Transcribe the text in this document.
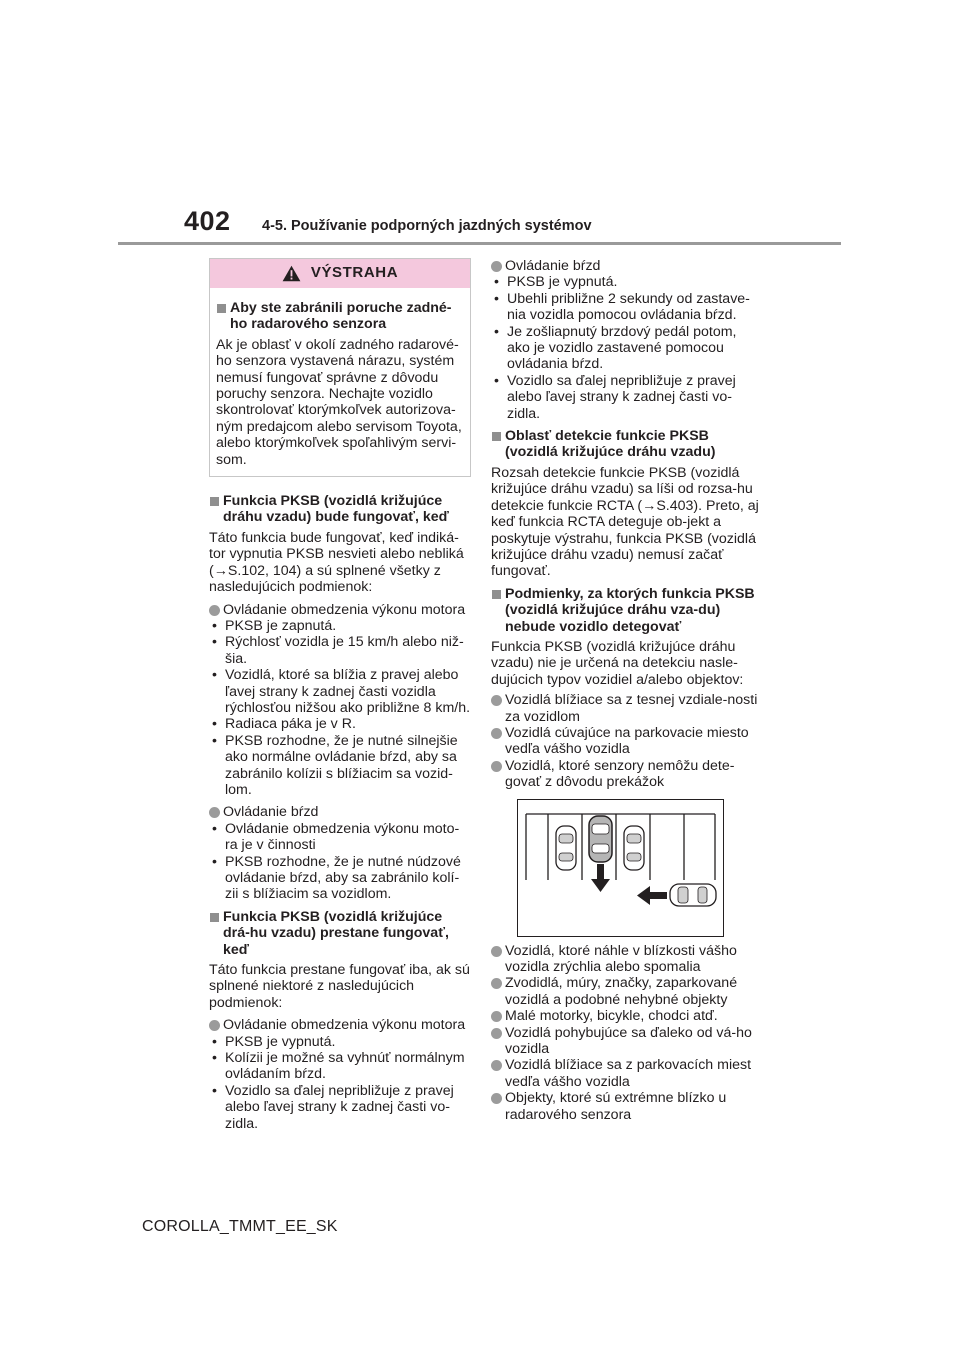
402 4-5. Používanie podporných jazdných systémov
VÝSTRAHA

Aby ste zabránili poruche zadné-ho radarového senzora

Ak je oblasť v okolí zadného radarové-ho senzora vystavená nárazu, systém nemusí fungovať správne z dôvodu poruchy senzora. Nechajte vozidlo skontrolovať ktorýmkoľvek autorizova-ným predajcom alebo servisom Toyota, alebo ktorýmkoľvek spoľahlivým servi-som.

Funkcia PKSB (vozidlá križujúce dráhu vzadu) bude fungovať, keď

Táto funkcia bude fungovať, keď indiká-tor vypnutia PKSB nesvieti alebo nebliká (→S.102, 104) a sú splnené všetky z nasledujúcich podmienok:

Ovládanie obmedzenia výkonu motora

• PKSB je zapnutá.

• Rýchlosť vozidla je 15 km/h alebo niž-šia.

• Vozidlá, ktoré sa blížia z pravej alebo ľavej strany k zadnej časti vozidla rýchlosťou nižšou ako približne 8 km/h.

• Radiaca páka je v R.

• PKSB rozhodne, že je nutné silnejšie ako normálne ovládanie bŕzd, aby sa zabránilo kolízii s blížiacim sa vozid-lom.

Ovládanie bŕzd

• Ovládanie obmedzenia výkonu moto-ra je v činnosti

• PKSB rozhodne, že je nutné núdzové ovládanie bŕzd, aby sa zabránilo kolí-zii s blížiacim sa vozidlom.

Funkcia PKSB (vozidlá križujúce drá-hu vzadu) prestane fungovať, keď

Táto funkcia prestane fungovať iba, ak sú splnené niektoré z nasledujúcich podmienok:

Ovládanie obmedzenia výkonu motora

• PKSB je vypnutá.

• Kolízii je možné sa vyhnúť normálnym ovládaním bŕzd.

• Vozidlo sa ďalej nepribližuje z pravej alebo ľavej strany k zadnej časti vo-zidla.

Ovládanie bŕzd

• PKSB je vypnutá.

• Ubehli približne 2 sekundy od zastave-nia vozidla pomocou ovládania bŕzd.

• Je zošliapnutý brzdový pedál potom, ako je vozidlo zastavené pomocou ovládania bŕzd.

• Vozidlo sa ďalej nepribližuje z pravej alebo ľavej strany k zadnej časti vo-zidla.

Oblasť detekcie funkcie PKSB (vozidlá križujúce dráhu vzadu)

Rozsah detekcie funkcie PKSB (vozidlá križujúce dráhu vzadu) sa líši od rozsa-hu detekcie funkcie RCTA (→S.403). Preto, aj keď funkcia RCTA deteguje ob-jekt a poskytuje výstrahu, funkcia PKSB (vozidlá križujúce dráhu vzadu) nemusí začať fungovať.

Podmienky, za ktorých funkcia PKSB (vozidlá križujúce dráhu vza-du) nebude vozidlo detegovať

Funkcia PKSB (vozidlá križujúce dráhu vzadu) nie je určená na detekciu nasle-dujúcich typov vozidiel a/alebo objektov:

Vozidlá blížiace sa z tesnej vzdiale-nosti za vozidlom

Vozidlá cúvajúce na parkovacie miesto vedľa vášho vozidla

Vozidlá, ktoré senzory nemôžu dete-govať z dôvodu prekážok

Vozidlá, ktoré náhle v blízkosti vášho vozidla zrýchlia alebo spomalia

Zvodidlá, múry, značky, zaparkované vozidlá a podobné nehybné objekty

Malé motorky, bicykle, chodci atď.

Vozidlá pohybujúce sa ďaleko od vá-ho vozidla

Vozidlá blížiace sa z parkovacích miest vedľa vášho vozidla

Objekty, ktoré sú extrémne blízko u radarového senzora

COROLLA_TMMT_EE_SK
